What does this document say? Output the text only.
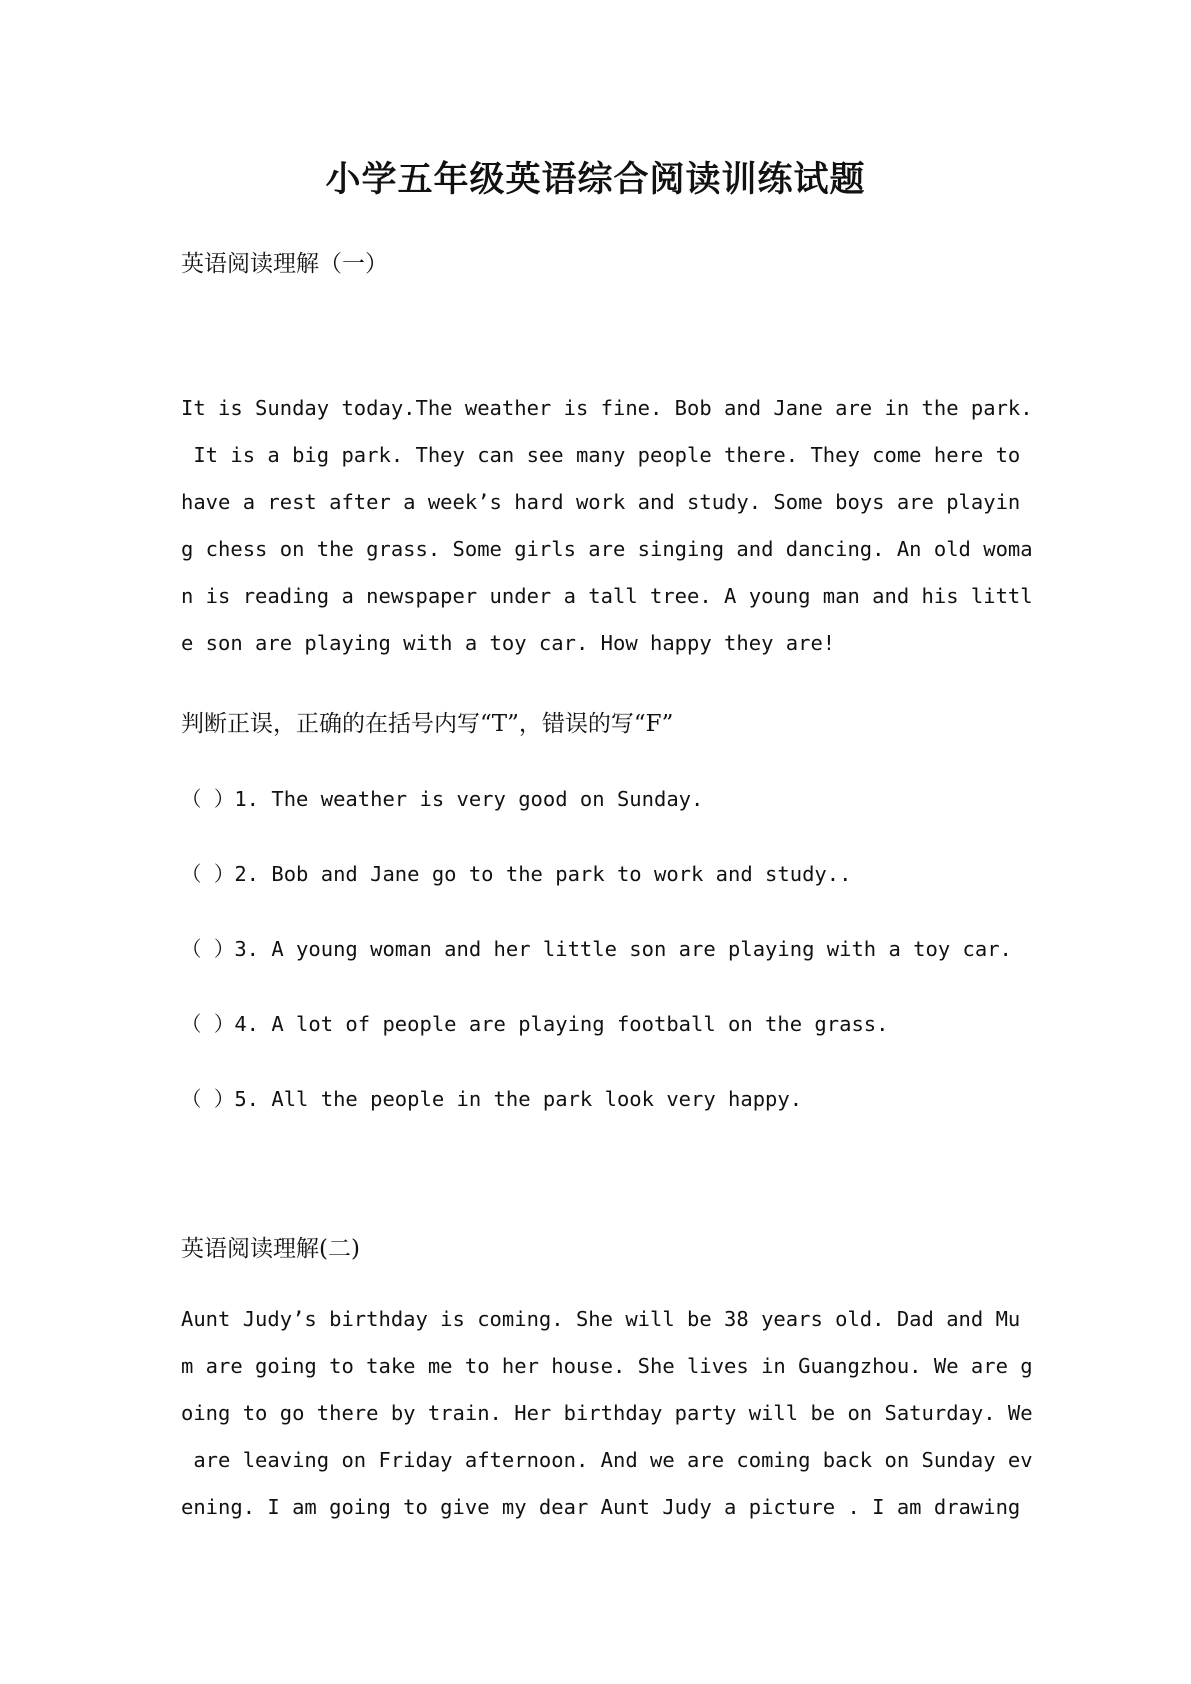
小学五年级英语综合阅读训练试题

英语阅读理解（一）

It is Sunday today.The weather is fine. Bob and Jane are in the park.
It is a big park. They can see many people there. They come here to
have a rest after a week’s hard work and study. Some boys are playin
g chess on the grass. Some girls are singing and dancing. An old woma
n is reading a newspaper under a tall tree. A young man and his littl
e son are playing with a toy car. How happy they are!

判断正误，正确的在括号内写“T”，错误的写“F”

（ ）1. The weather is very good on Sunday.

（ ）2. Bob and Jane go to the park to work and study..

（ ）3. A young woman and her little son are playing with a toy car.

（ ）4. A lot of people are playing football on the grass.

（ ）5. All the people in the park look very happy.

英语阅读理解(二)

Aunt Judy’s birthday is coming. She will be 38 years old. Dad and Mu
m are going to take me to her house. She lives in Guangzhou. We are g
oing to go there by train. Her birthday party will be on Saturday. We
are leaving on Friday afternoon. And we are coming back on Sunday ev
ening. I am going to give my dear Aunt Judy a picture . I am drawing
